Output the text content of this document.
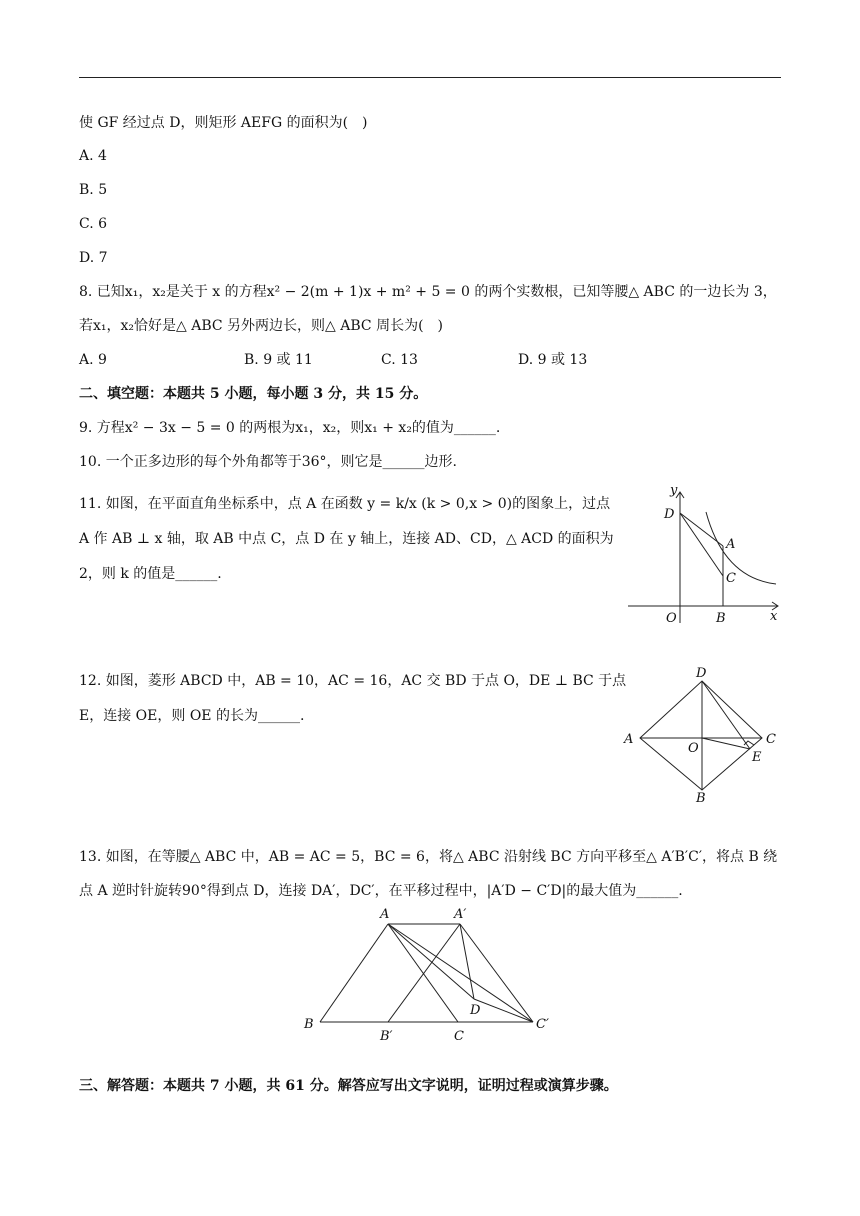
使 GF 经过点 D，则矩形 AEFG 的面积为(　)
A. 4
B. 5
C. 6
D. 7
8. 已知x₁，x₂是关于 x 的方程x² − 2(m + 1)x + m² + 5 = 0 的两个实数根，已知等腰△ ABC 的一边长为 3，
若x₁，x₂恰好是△ ABC 另外两边长，则△ ABC 周长为(　)
A. 9	B. 9 或 11	C. 13	D. 9 或 13
二、填空题：本题共 5 小题，每小题 3 分，共 15 分。
9. 方程x² − 3x − 5 = 0 的两根为x₁，x₂，则x₁ + x₂的值为______.
10. 一个正多边形的每个外角都等于36°，则它是______边形.
11. 如图，在平面直角坐标系中，点 A 在函数 y = k/x (k > 0,x > 0)的图象上，过点
A 作 AB ⊥ x 轴，取 AB 中点 C，点 D 在 y 轴上，连接 AD、CD，△ ACD 的面积为
2，则 k 的值是______.
y
x
O	B
A
C
D
12. 如图，菱形 ABCD 中，AB = 10，AC = 16，AC 交 BD 于点 O，DE ⊥ BC 于点
E，连接 OE，则 OE 的长为______.
D
A	C
B
O
E
13. 如图，在等腰△ ABC 中，AB = AC = 5，BC = 6，将△ ABC 沿射线 BC 方向平移至△ A′B′C′，将点 B 绕
点 A 逆时针旋转90°得到点 D，连接 DA′，DC′，在平移过程中，|A′D − C′D|的最大值为______.
A	A′
B
B′	C
C′
D
三、解答题：本题共 7 小题，共 61 分。解答应写出文字说明，证明过程或演算步骤。
